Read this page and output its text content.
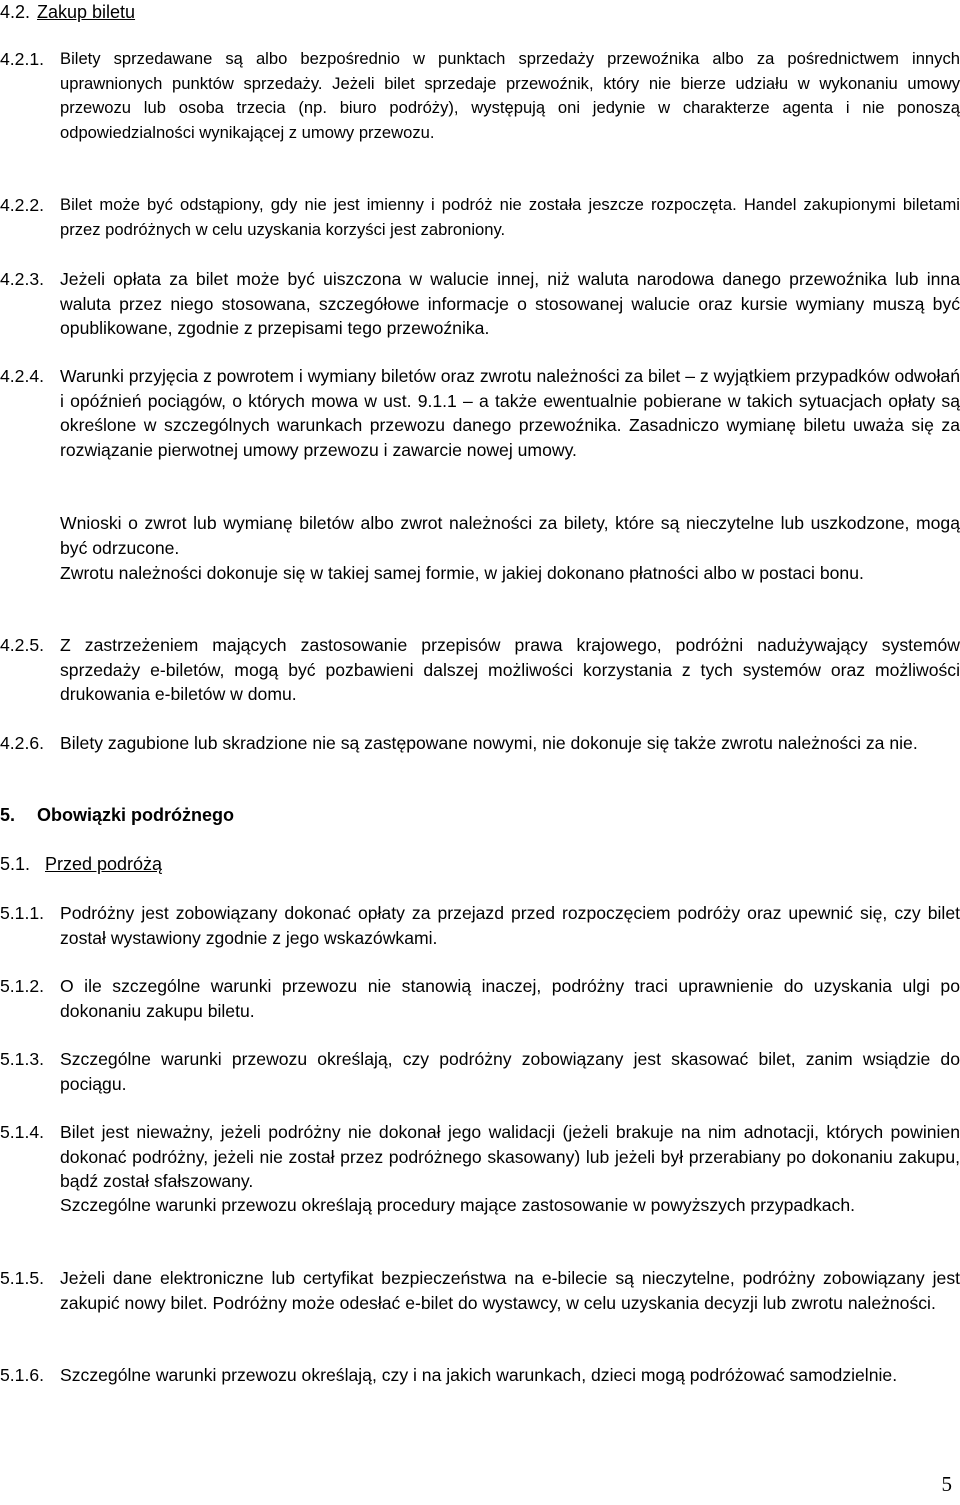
4.2. Zakup biletu
4.2.1. Bilety sprzedawane są albo bezpośrednio w punktach sprzedaży przewoźnika albo za pośrednictwem innych uprawnionych punktów sprzedaży. Jeżeli bilet sprzedaje przewoźnik, który nie bierze udziału w wykonaniu umowy przewozu lub osoba trzecia (np. biuro podróży), występują oni jedynie w charakterze agenta i nie ponoszą odpowiedzialności wynikającej z umowy przewozu.
4.2.2. Bilet może być odstąpiony, gdy nie jest imienny i podróż nie została jeszcze rozpoczęta. Handel zakupionymi biletami przez podróżnych w celu uzyskania korzyści jest zabroniony.
4.2.3. Jeżeli opłata za bilet może być uiszczona w walucie innej, niż waluta narodowa danego przewoźnika lub inna waluta przez niego stosowana, szczegółowe informacje o stosowanej walucie oraz kursie wymiany muszą być opublikowane, zgodnie z przepisami tego przewoźnika.
4.2.4. Warunki przyjęcia z powrotem i wymiany biletów oraz zwrotu należności za bilet – z wyjątkiem przypadków odwołań i opóźnień pociągów, o których mowa w ust. 9.1.1 – a także ewentualnie pobierane w takich sytuacjach opłaty są określone w szczególnych warunkach przewozu danego przewoźnika. Zasadniczo wymianę biletu uważa się za rozwiązanie pierwotnej umowy przewozu i zawarcie nowej umowy.
Wnioski o zwrot lub wymianę biletów albo zwrot należności za bilety, które są nieczytelne lub uszkodzone, mogą być odrzucone.
Zwrotu należności dokonuje się w takiej samej formie, w jakiej dokonano płatności albo w postaci bonu.
4.2.5. Z zastrzeżeniem mających zastosowanie przepisów prawa krajowego, podróżni nadużywający systemów sprzedaży e-biletów, mogą być pozbawieni dalszej możliwości korzystania z tych systemów oraz możliwości drukowania e-biletów w domu.
4.2.6. Bilety zagubione lub skradzione nie są zastępowane nowymi, nie dokonuje się także zwrotu należności za nie.
5. Obowiązki podróżnego
5.1. Przed podróżą
5.1.1. Podróżny jest zobowiązany dokonać opłaty za przejazd przed rozpoczęciem podróży oraz upewnić się, czy bilet został wystawiony zgodnie z jego wskazówkami.
5.1.2. O ile szczególne warunki przewozu nie stanowią inaczej, podróżny traci uprawnienie do uzyskania ulgi po dokonaniu zakupu biletu.
5.1.3. Szczególne warunki przewozu określają, czy podróżny zobowiązany jest skasować bilet, zanim wsiądzie do pociągu.
5.1.4. Bilet jest nieważny, jeżeli podróżny nie dokonał jego walidacji (jeżeli brakuje na nim adnotacji, których powinien dokonać podróżny, jeżeli nie został przez podróżnego skasowany) lub jeżeli był przerabiany po dokonaniu zakupu, bądź został sfałszowany.
Szczególne warunki przewozu określają procedury mające zastosowanie w powyższych przypadkach.
5.1.5. Jeżeli dane elektroniczne lub certyfikat bezpieczeństwa na e-bilecie są nieczytelne, podróżny zobowiązany jest zakupić nowy bilet. Podróżny może odesłać e-bilet do wystawcy, w celu uzyskania decyzji lub zwrotu należności.
5.1.6. Szczególne warunki przewozu określają, czy i na jakich warunkach, dzieci mogą podróżować samodzielnie.
5
